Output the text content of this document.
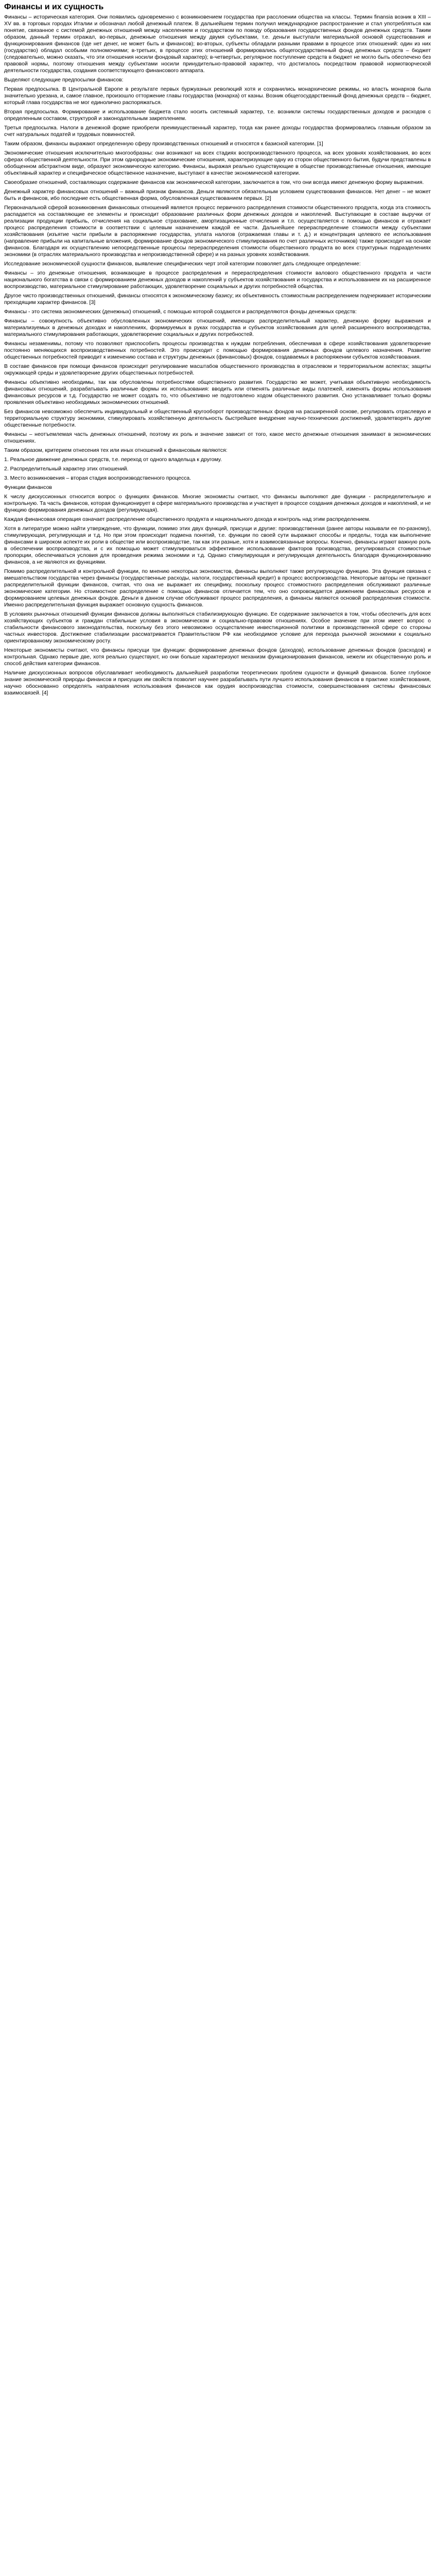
Финансы и их сущность

Финансы – историческая категория. Они появились одновременно с возникновением государства при расслоении общества на классы. Термин finansia возник в XIII – XV вв. в торговых городах Италии и обозначал любой денежный платеж. В дальнейшем термин получил международное распространение и стал употребляться как понятие, связанное с системой денежных отношений между населением и государством по поводу образования государственных фондов денежных средств. Таким образом, данный термин отражал, во-первых, денежные отношения между двумя субъектами, т.е. деньги выступали материальной основой существования и функционирования финансов (где нет денег, не может быть и финансов); во-вторых, субъекты обладали разными правами в процессе этих отношений: один из них (государство) обладал особыми полномочиями; в-третьих, в процессе этих отношений формировались общегосударственный фонд денежных средств – бюджет (следовательно, можно сказать, что эти отношения носили фондовый характер); в-четвертых, регулярное поступление средств в бюджет не могло быть обеспечено без правовой нормы, поэтому отношения между субъектами носили принудительно-правовой характер, что достигалось посредством правовой нормотворческой деятельности государства, создания соответствующего финансового аппарата.

Выделяют следующие предпосылки финансов:

Первая предпосылка. В Центральной Европе в результате первых буржуазных революций хотя и сохранились монархические режимы, но власть монархов была значительно урезана, и, самое главное, произошло отторжение главы государства (монарха) от казны. Возник общегосударственный фонд денежных средств – бюджет, который глава государства не мог единолично распоряжаться.

Вторая предпосылка. Формирование и использование бюджета стало носить системный характер, т.е. возникли системы государственных доходов и расходов с определенным составом, структурой и законодательным закреплением.

Третья предпосылка. Налоги в денежной форме приобрели преимущественный характер, тогда как ранее доходы государства формировались главным образом за счет натуральных податей и трудовых повинностей.

Таким образом, финансы выражают определенную сферу производственных отношений и относятся к базисной категории. [1]

Экономические отношения исключительно многообразны: они возникают на всех стадиях воспроизводственного процесса, на всех уровнях хозяйствования, во всех сферах общественной деятельности. При этом однородные экономические отношения, характеризующие одну из сторон общественного бытия, будучи представлены в обобщенном абстрактном виде, образуют экономическую категорию. Финансы, выражая реально существующие в обществе производственные отношения, имеющие объективный характер и специфическое общественное назначение, выступают в качестве экономической категории.

Своеобразие отношений, составляющих содержание финансов как экономической категории, заключается в том, что они всегда имеют денежную форму выражения.

Денежный характер финансовых отношений – важный признак финансов. Деньги являются обязательным условием существования финансов. Нет денег – не может быть и финансов, ибо последние есть общественная форма, обусловленная существованием первых. [2]

Первоначальной сферой возникновения финансовых отношений является процесс первичного распределения стоимости общественного продукта, когда эта стоимость распадается на составляющие ее элементы и происходит образование различных форм денежных доходов и накоплений. Выступающие в составе выручки от реализации продукции прибыль, отчисления на социальное страхование, амортизационные отчисления и т.п. осуществляется с помощью финансов и отражает процесс распределения стоимости в соответствии с целевым назначением каждой ее части. Дальнейшее перераспределение стоимости между субъектами хозяйствования (изъятие части прибыли в распоряжение государства, уплата налогов (отражаемая главы и т. д.) и концентрация целевого ее использования (направление прибыли на капитальные вложения, формирование фондов экономического стимулирования по счет различных источников) также происходит на основе финансов. Благодаря их осуществлению непосредственные процессы перераспределения стоимости общественного продукта во всех структурных подразделениях экономики (в отраслях материального производства и непроизводственной сфере) и на разных уровнях хозяйствования.

Исследование экономической сущности финансов, выявление специфических черт этой категории позволяет дать следующее определение:

Финансы – это денежные отношения, возникающие в процессе распределения и перераспределения стоимости валового общественного продукта и части национального богатства в связи с формированием денежных доходов и накоплений у субъектов хозяйствования и государства и использованием их на расширенное воспроизводство, материальное стимулирование работающих, удовлетворение социальных и других потребностей общества.

Другое чисто производственных отношений, финансы относятся к экономическому базису; их объективность стоимостным распределением подчеркивает историческим преходящим характер финансов. [3]

Финансы - это система экономических (денежных) отношений, с помощью которой создаются и распределяются фонды денежных средств:

Финансы – совокупность объективно обусловленных экономических отношений, имеющих распределительный характер, денежную форму выражения и материализуемых в денежных доходах и накоплениях, формируемых в руках государства и субъектов хозяйствования для целей расширенного воспроизводства, материального стимулирования работающих, удовлетворение социальных и других потребностей.

Финансы незаменимы, потому что позволяют приспособить процессы производства к нуждам потребления, обеспечивая в сфере хозяйствования удовлетворение постоянно меняющихся воспроизводственных потребностей. Это происходит с помощью формирования денежных фондов целевого назначения. Развитие общественных потребностей приводит к изменению состава и структуры денежных (финансовых) фондов, создаваемых в распоряжении субъектов хозяйствования.

В составе финансов при помощи финансов происходит регулирование масштабов общественного производства в отраслевом и территориальном аспектах; защиты окружающей среды и удовлетворение других общественных потребностей.

Финансы объективно необходимы, так как обусловлены потребностями общественного развития. Государство же может, учитывая объективную необходимость финансовых отношений, разрабатывать различные формы их использования: вводить или отменять различные виды платежей, изменять формы использования финансовых ресурсов и т.д. Государство не может создать то, что объективно не подготовлено ходом общественного развития. Оно устанавливает только формы проявления объективно необходимых экономических отношений.

Без финансов невозможно обеспечить индивидуальный и общественный кругооборот производственных фондов на расширенной основе, регулировать отраслевую и территориальную структуру экономики, стимулировать хозяйственную деятельность быстрейшее внедрение научно-технических достижений, удовлетворять другие общественные потребности.

Финансы – неотъемлемая часть денежных отношений, поэтому их роль и значение зависит от того, какое место денежные отношения занимают в экономических отношениях.

Таким образом, критерием отнесения тех или иных отношений к финансовым являются:

1. Реальное движение денежных средств, т.е. переход от одного владельца к другому.

2. Распределительный характер этих отношений.

3. Место возникновения – вторая стадия воспроизводственного процесса.

Функции финансов

К числу дискуссионных относится вопрос о функциях финансов. Многие экономисты считают, что финансы выполняют две функции - распределительную и контрольную. Та часть финансов, которая функционирует в сфере материального производства и участвует в процессе создания денежных доходов и накоплений, и не функцию формирования денежных доходов (регулирующая).

Каждая финансовая операция означает распределение общественного продукта и национального дохода и контроль над этим распределением.

Хотя в литературе можно найти утверждение, что функции, помимо этих двух функций, присущи и другие: производственная (ранее авторы называли ее по-разному), стимулирующая, регулирующая и т.д. Но при этом происходит подмена понятий, т.е. функции по своей сути выражают способы и пределы, тогда как выполнение финансами в широком аспекте их роли в обществе или воспроизводстве, так как эти разные, хотя и взаимосвязанные вопросы. Конечно, финансы играют важную роль в обеспечении воспроизводства, и с их помощью может стимулироваться эффективное использование факторов производства, регулироваться стоимостные пропорции, обеспечиваться условия для проведения режима экономии и т.д. Однако стимулирующая и регулирующая деятельность благодаря функционированию финансов, а не являются их функциями.

Помимо распределительной и контрольной функции, по мнению некоторых экономистов, финансы выполняют также регулирующую функцию. Эта функция связана с вмешательством государства через финансы (государственные расходы, налоги, государственный кредит) в процесс воспроизводства. Некоторые авторы не признают распределительной функции финансов, считая, что она не выражает их специфику, поскольку процесс стоимостного распределения обслуживают различные экономические категории. Но стоимостное распределение с помощью финансов отличается тем, что оно сопровождается движением финансовых ресурсов и формированием целевых денежных фондов. Деньги в данном случае обслуживают процесс распределения, а финансы являются основой распределения стоимости. Именно распределительная функция выражает основную сущность финансов.

В условиях рыночных отношений функции финансов должны выполняться стабилизирующую функцию. Ее содержание заключается в том, чтобы обеспечить для всех хозяйствующих субъектов и граждан стабильные условия в экономическом и социально-правовом отношениях. Особое значение при этом имеет вопрос о стабильности финансового законодательства, поскольку без этого невозможно осуществление инвестиционной политики в производственной сфере со стороны частных инвесторов. Достижение стабилизации рассматривается Правительством РФ как необходимое условие для перехода рыночной экономики к социально ориентированному экономическому росту.

Некоторые экономисты считают, что финансы присущи три функции: формирование денежных фондов (доходов), использование денежных фондов (расходов) и контрольная. Однако первые две, хотя реально существуют, но они больше характеризуют механизм функционирования финансов, нежели их общественную роль и способ действия категории финансов.

Наличие дискуссионных вопросов обуславливает необходимость дальнейшей разработки теоретических проблем сущности и функций финансов. Более глубокое знание экономической природы финансов и присущих им свойств позволит научнее разрабатывать пути лучшего использования финансов в практике хозяйствования, научно обоснованно определять направления использования финансов как орудия воспроизводства стоимости, совершенствования системы финансовых взаимосвязей. [4]
